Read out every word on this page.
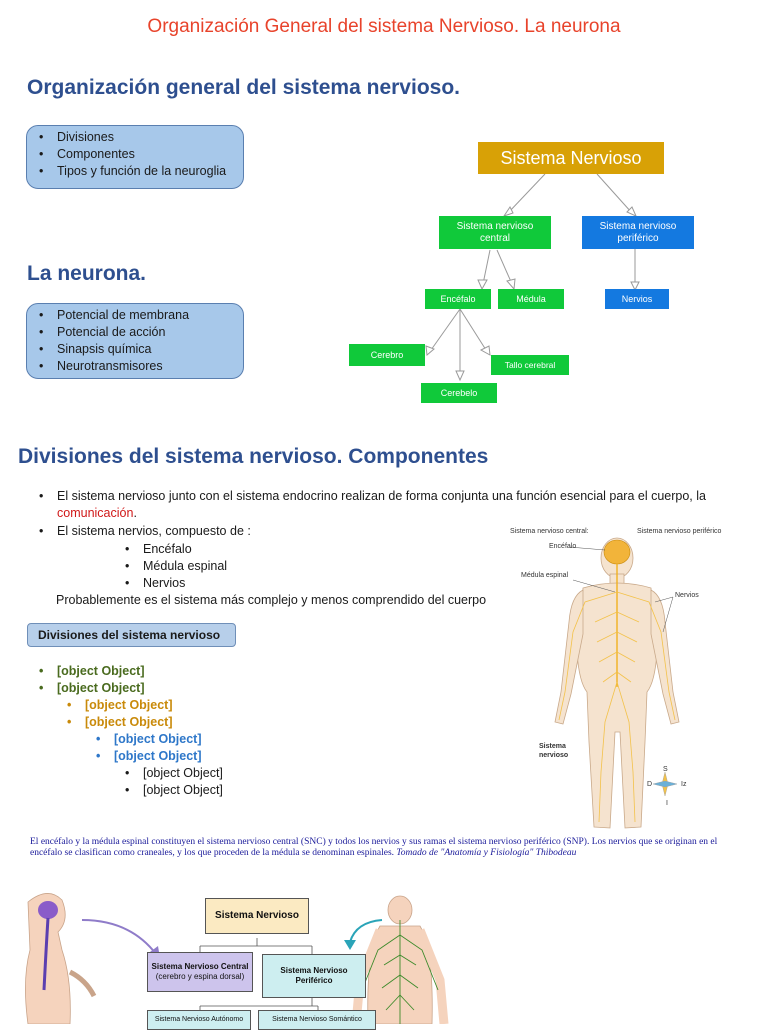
Organización General del sistema Nervioso. La neurona
Organización general del sistema nervioso.
• Divisiones
• Componentes
• Tipos y función de la neuroglia
La neurona.
• Potencial de membrana
• Potencial de acción
• Sinapsis química
• Neurotransmisores
Sistema Nervioso
Sistema nervioso central
Sistema nervioso periférico
Encéfalo	Médula	Nervios
Cerebro
Tallo cerebral
Cerebelo
Divisiones del sistema nervioso. Componentes
• El sistema nervioso junto con el sistema endocrino realizan de forma conjunta una función esencial para el cuerpo, la
comunicación.
• El sistema nervios, compuesto de :
• Encéfalo
• Médula espinal
• Nervios
Probablemente es el sistema más complejo y menos comprendido del cuerpo
Divisiones del sistema nervioso
• [object Object]
• [object Object]
• [object Object]
• [object Object]
• [object Object]
• [object Object]
• [object Object]
• [object Object]
Sistema nervioso central:	Sistema nervioso periférico
Encéfalo
Médula espinal
Nervios
Sistema nervioso
S
D	Iz
I
El encéfalo y la médula espinal constituyen el sistema nervioso central (SNC) y todos los nervios y sus ramas el sistema nervioso periférico (SNP). Los nervios que se originan en el encéfalo se clasifican como craneales, y los que proceden de la médula se denominan espinales. Tomado de "Anatomía y Fisiología" Thibodeau
Sistema Nervioso
Sistema Nervioso Central
(cerebro y espina dorsal)
Sistema Nervioso Periférico
Sistema Nervioso Autónomo	Sistema Nervioso Somántico
